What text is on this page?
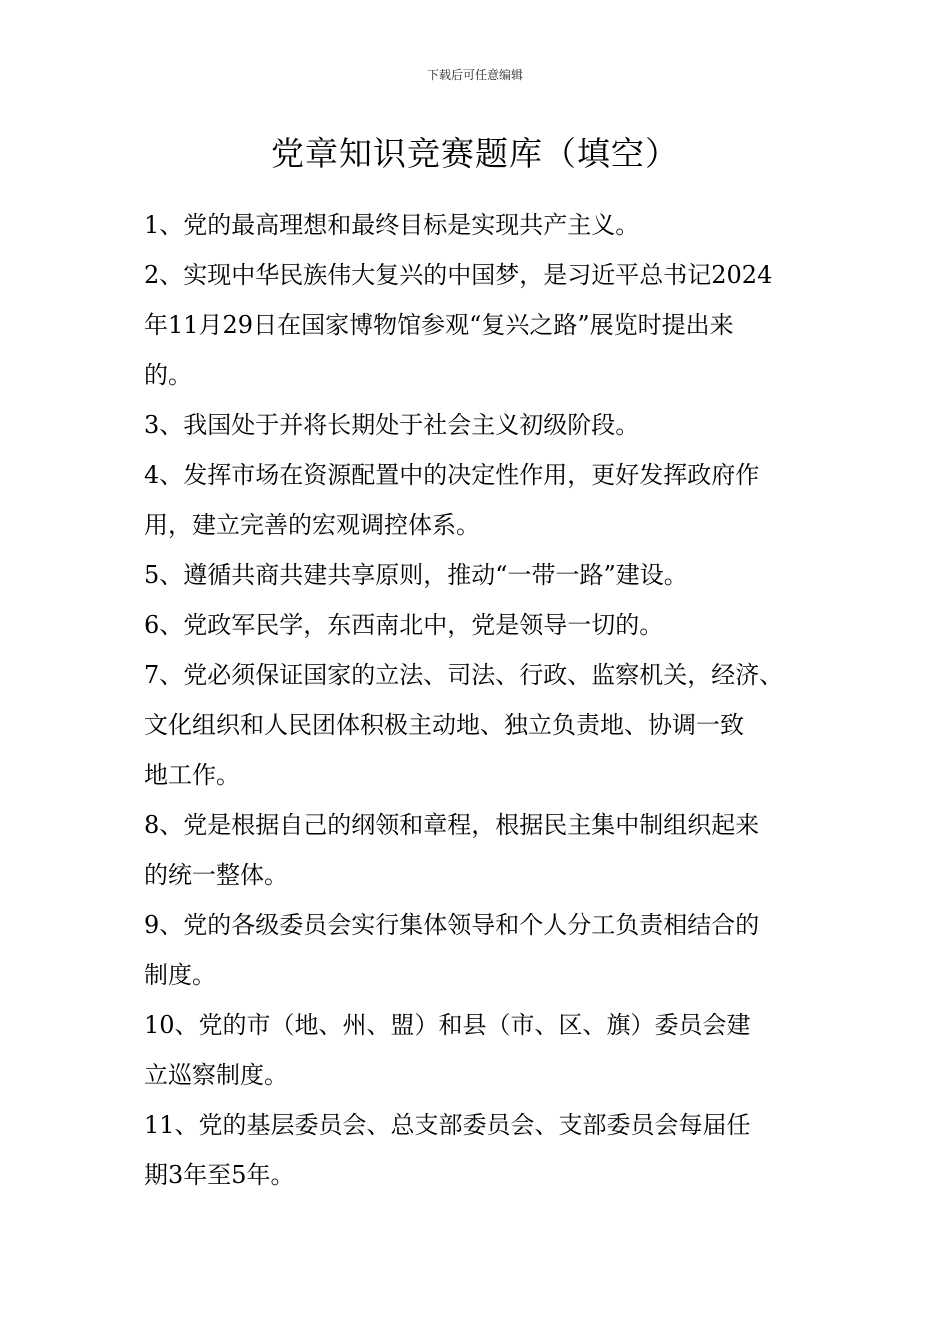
下载后可任意编辑
党章知识竞赛题库（填空）
1、党的最高理想和最终目标是实现共产主义。
2、实现中华民族伟大复兴的中国梦，是习近平总书记2024
年11月29日在国家博物馆参观“复兴之路”展览时提出来
的。
3、我国处于并将长期处于社会主义初级阶段。
4、发挥市场在资源配置中的决定性作用，更好发挥政府作
用，建立完善的宏观调控体系。
5、遵循共商共建共享原则，推动“一带一路”建设。
6、党政军民学，东西南北中，党是领导一切的。
7、党必须保证国家的立法、司法、行政、监察机关，经济、
文化组织和人民团体积极主动地、独立负责地、协调一致
地工作。
8、党是根据自己的纲领和章程，根据民主集中制组织起来
的统一整体。
9、党的各级委员会实行集体领导和个人分工负责相结合的
制度。
10、党的市（地、州、盟）和县（市、区、旗）委员会建
立巡察制度。
11、党的基层委员会、总支部委员会、支部委员会每届任
期3年至5年。
